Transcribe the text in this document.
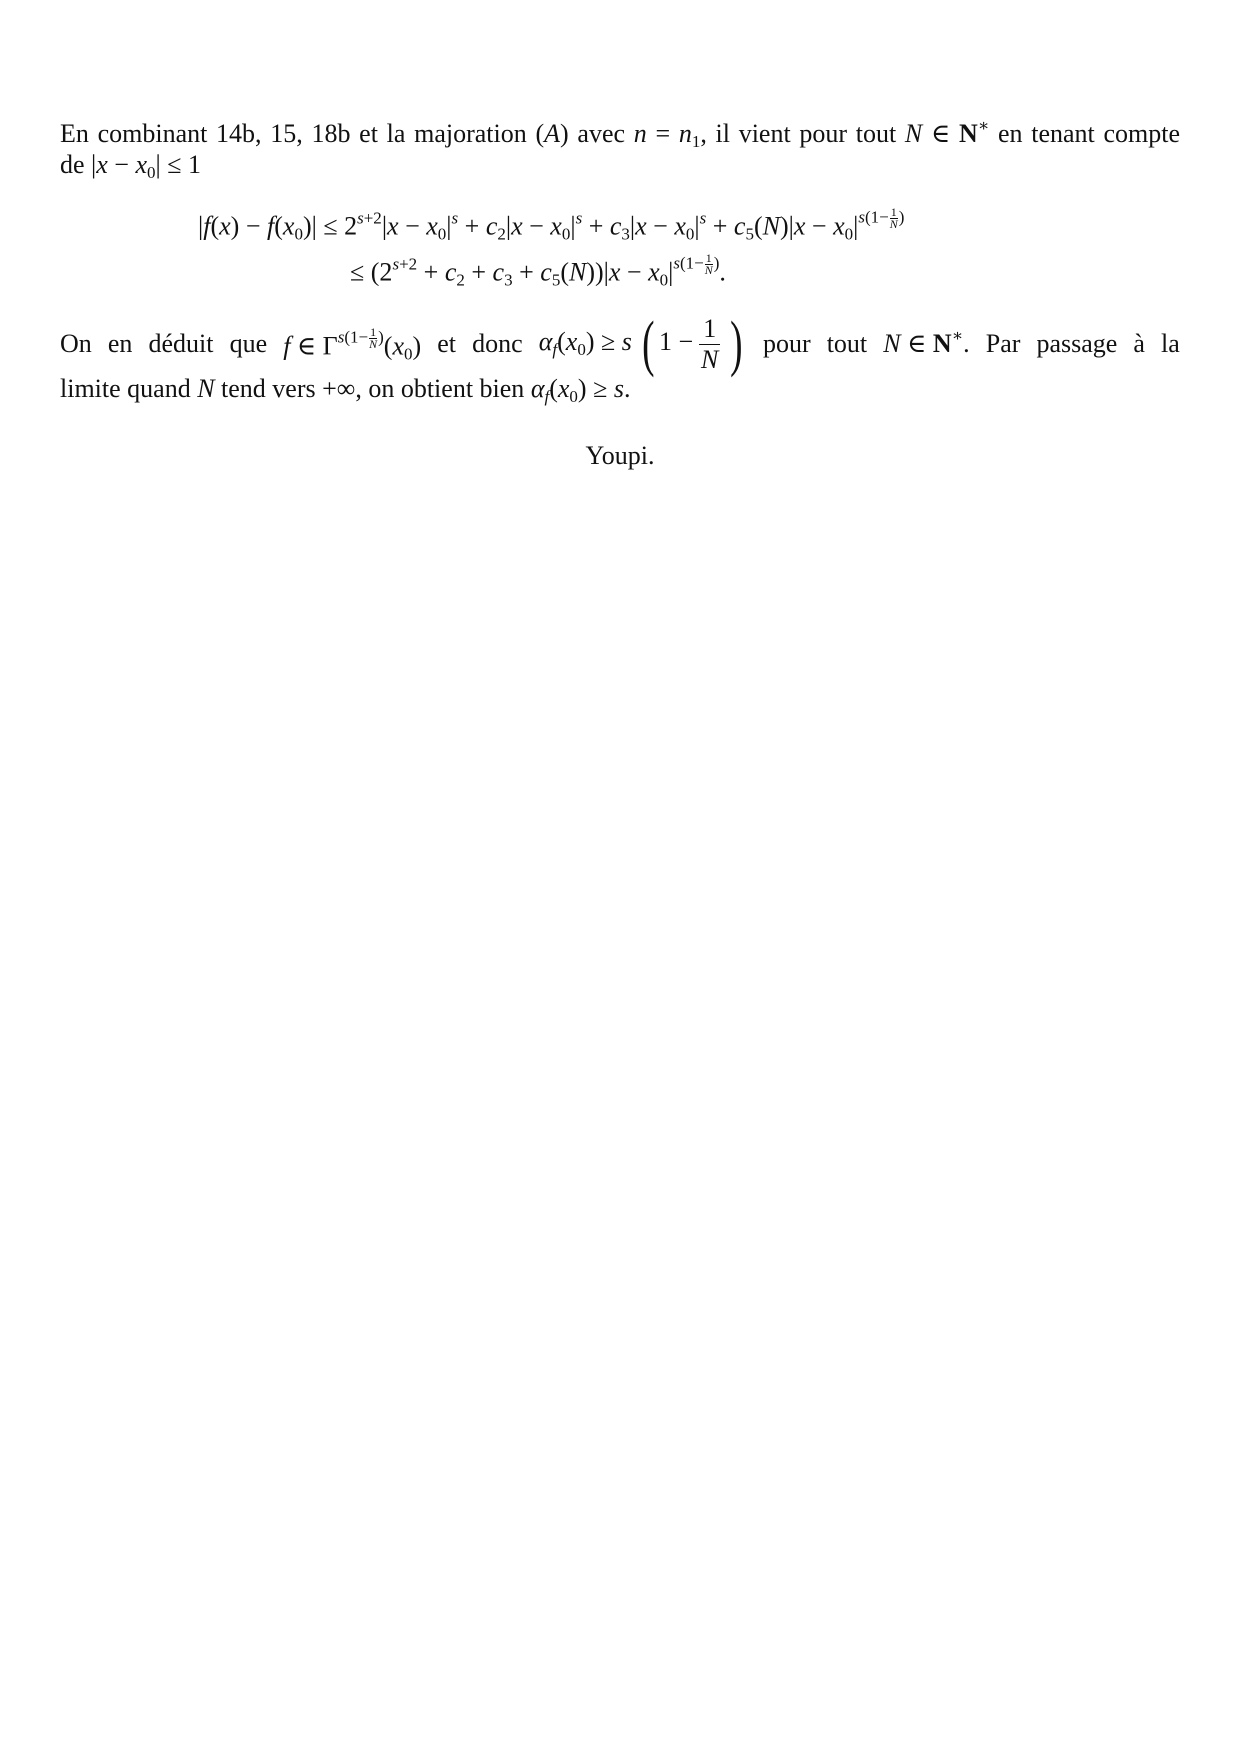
En combinant 14b, 15, 18b et la majoration (A) avec $n = n_1$, il vient pour tout N ∈ N∗ en tenant compte
de $|x - x_0| \le 1$
$|f(x) - f(x_0)| \le 2^{s+2}|x - x_0|^s + c_2|x - x_0|^s + c_3|x - x_0|^s + c_5(N)|x - x_0|s(1- \frac{1}{N}$ )
≤ $(2^{s+2} + c_2 + c_3 + c_5(N))|x - x_0|s(1- \frac{1}{N}$ ).
On en déduit que f ∈ $\Gamma s(1- \frac{1}{N} )(x_0)$ et donc $\alpha_f(x_0) \ge s$ ( $1 - \frac{1}{N}$ ) pour tout N ∈ N∗. Par passage à la
limite quand N tend vers +∞, on obtient bien $\alpha_f(x_0) \ge s$.
Youpi.
